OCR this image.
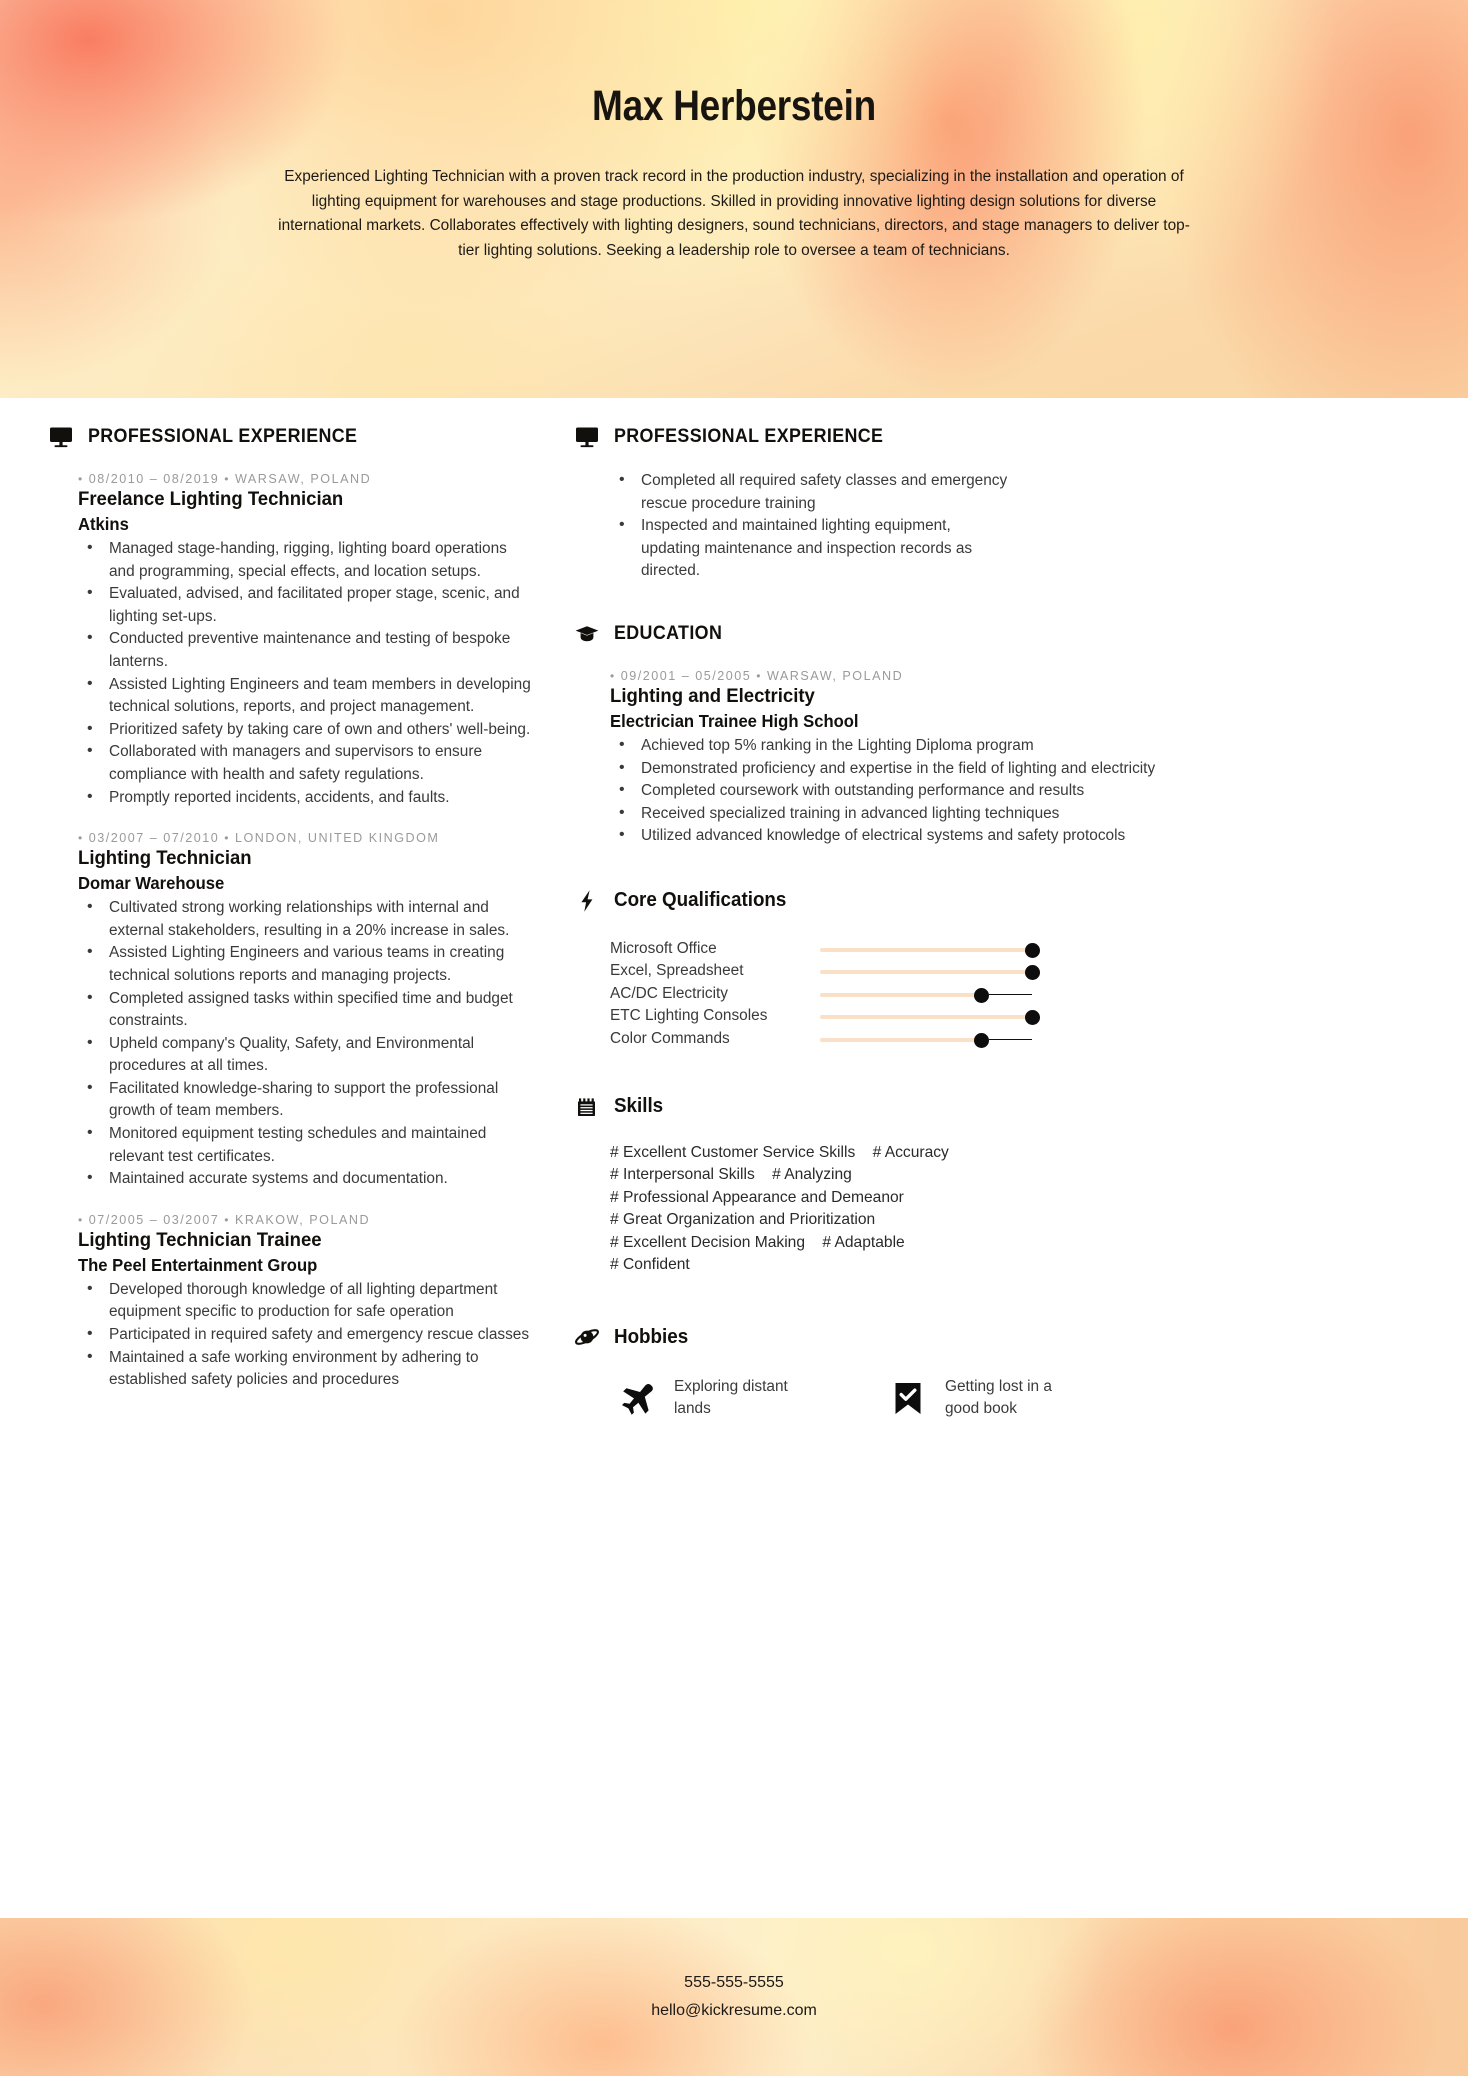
Max Herberstein
Experienced Lighting Technician with a proven track record in the production industry, specializing in the installation and operation of lighting equipment for warehouses and stage productions. Skilled in providing innovative lighting design solutions for diverse international markets. Collaborates effectively with lighting designers, sound technicians, directors, and stage managers to deliver top-tier lighting solutions. Seeking a leadership role to oversee a team of technicians.
PROFESSIONAL EXPERIENCE
• 08/2010 – 08/2019 • WARSAW, POLAND
Freelance Lighting Technician
Atkins
• Managed stage-handing, rigging, lighting board operations and programming, special effects, and location setups.
• Evaluated, advised, and facilitated proper stage, scenic, and lighting set-ups.
• Conducted preventive maintenance and testing of bespoke lanterns.
• Assisted Lighting Engineers and team members in developing technical solutions, reports, and project management.
• Prioritized safety by taking care of own and others' well-being.
• Collaborated with managers and supervisors to ensure compliance with health and safety regulations.
• Promptly reported incidents, accidents, and faults.
• 03/2007 – 07/2010 • LONDON, UNITED KINGDOM
Lighting Technician
Domar Warehouse
• Cultivated strong working relationships with internal and external stakeholders, resulting in a 20% increase in sales.
• Assisted Lighting Engineers and various teams in creating technical solutions reports and managing projects.
• Completed assigned tasks within specified time and budget constraints.
• Upheld company's Quality, Safety, and Environmental procedures at all times.
• Facilitated knowledge-sharing to support the professional growth of team members.
• Monitored equipment testing schedules and maintained relevant test certificates.
• Maintained accurate systems and documentation.
• 07/2005 – 03/2007 • KRAKOW, POLAND
Lighting Technician Trainee
The Peel Entertainment Group
• Developed thorough knowledge of all lighting department equipment specific to production for safe operation
• Participated in required safety and emergency rescue classes
• Maintained a safe working environment by adhering to established safety policies and procedures
PROFESSIONAL EXPERIENCE
• Completed all required safety classes and emergency rescue procedure training
• Inspected and maintained lighting equipment, updating maintenance and inspection records as directed.
EDUCATION
• 09/2001 – 05/2005 • WARSAW, POLAND
Lighting and Electricity
Electrician Trainee High School
• Achieved top 5% ranking in the Lighting Diploma program
• Demonstrated proficiency and expertise in the field of lighting and electricity
• Completed coursework with outstanding performance and results
• Received specialized training in advanced lighting techniques
• Utilized advanced knowledge of electrical systems and safety protocols
Core Qualifications
Microsoft Office
Excel, Spreadsheet
AC/DC Electricity
ETC Lighting Consoles
Color Commands
Skills
# Excellent Customer Service Skills    # Accuracy
# Interpersonal Skills    # Analyzing
# Professional Appearance and Demeanor
# Great Organization and Prioritization
# Excellent Decision Making    # Adaptable
# Confident
Hobbies
Exploring distant lands
Getting lost in a good book
555-555-5555
hello@kickresume.com
